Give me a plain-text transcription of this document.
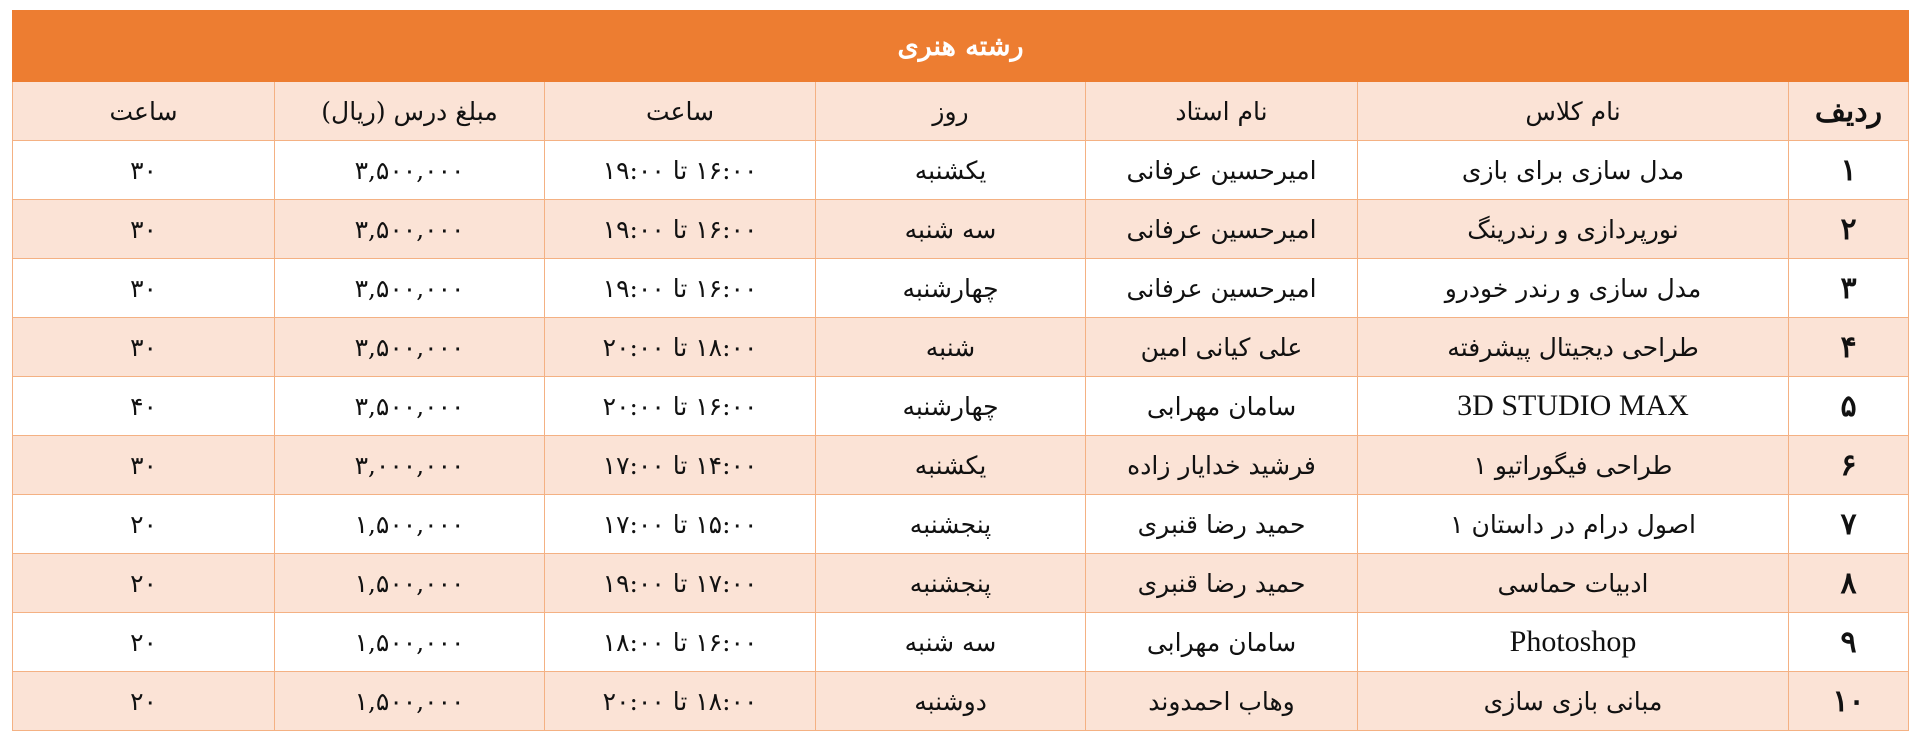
رشته هنری						
ردیف	نام کلاس	نام استاد	روز	ساعت	مبلغ درس (ریال)	ساعت
۱	مدل سازی برای بازی	امیرحسین عرفانی	یکشنبه	۱۶:۰۰ تا ۱۹:۰۰	۳,۵۰۰,۰۰۰	۳۰
۲	نورپردازی و رندرینگ	امیرحسین عرفانی	سه شنبه	۱۶:۰۰ تا ۱۹:۰۰	۳,۵۰۰,۰۰۰	۳۰
۳	مدل سازی و رندر خودرو	امیرحسین عرفانی	چهارشنبه	۱۶:۰۰ تا ۱۹:۰۰	۳,۵۰۰,۰۰۰	۳۰
۴	طراحی دیجیتال پیشرفته	علی کیانی امین	شنبه	۱۸:۰۰ تا ۲۰:۰۰	۳,۵۰۰,۰۰۰	۳۰
۵	3D STUDIO MAX	سامان مهرابی	چهارشنبه	۱۶:۰۰ تا ۲۰:۰۰	۳,۵۰۰,۰۰۰	۴۰
۶	طراحی فیگوراتیو ۱	فرشید خدایار زاده	یکشنبه	۱۴:۰۰ تا ۱۷:۰۰	۳,۰۰۰,۰۰۰	۳۰
۷	اصول درام در داستان ۱	حمید رضا قنبری	پنجشنبه	۱۵:۰۰ تا ۱۷:۰۰	۱,۵۰۰,۰۰۰	۲۰
۸	ادبیات حماسی	حمید رضا قنبری	پنجشنبه	۱۷:۰۰ تا ۱۹:۰۰	۱,۵۰۰,۰۰۰	۲۰
۹	Photoshop	سامان مهرابی	سه شنبه	۱۶:۰۰ تا ۱۸:۰۰	۱,۵۰۰,۰۰۰	۲۰
۱۰	مبانی بازی سازی	وهاب احمدوند	دوشنبه	۱۸:۰۰ تا ۲۰:۰۰	۱,۵۰۰,۰۰۰	۲۰
